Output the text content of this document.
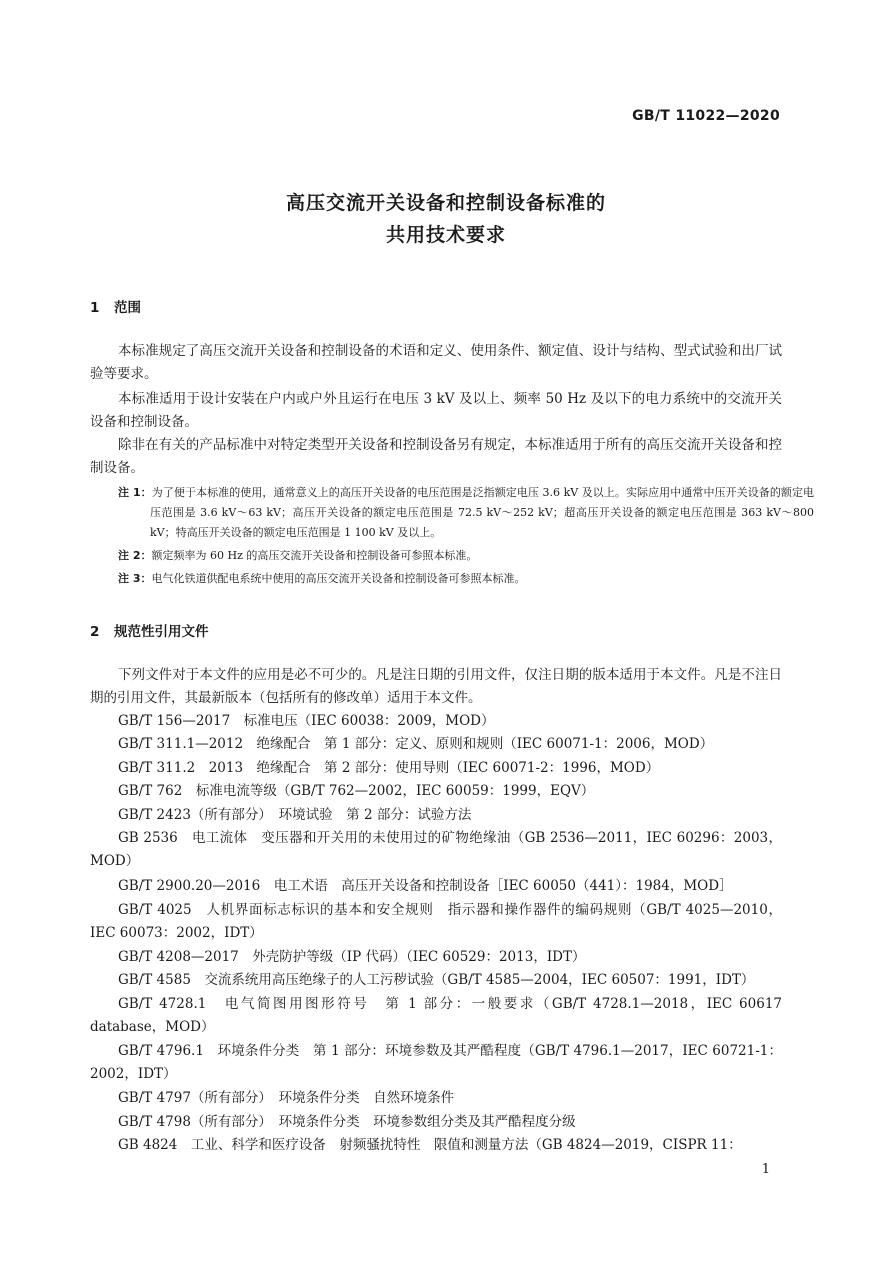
GB/T 11022—2020
高压交流开关设备和控制设备标准的
共用技术要求
1 范围

本标准规定了高压交流开关设备和控制设备的术语和定义、使用条件、额定值、设计与结构、型式试验和出厂试验等要求。

本标准适用于设计安装在户内或户外且运行在电压 3 kV 及以上、频率 50 Hz 及以下的电力系统中的交流开关设备和控制设备。

除非在有关的产品标准中对特定类型开关设备和控制设备另有规定，本标准适用于所有的高压交流开关设备和控制设备。

注 1：为了便于本标准的使用，通常意义上的高压开关设备的电压范围是泛指额定电压 3.6 kV 及以上。实际应用中通常中压开关设备的额定电压范围是 3.6 kV～63 kV；高压开关设备的额定电压范围是 72.5 kV～252 kV；超高压开关设备的额定电压范围是 363 kV～800 kV；特高压开关设备的额定电压范围是 1 100 kV 及以上。

注 2：额定频率为 60 Hz 的高压交流开关设备和控制设备可参照本标准。

注 3：电气化铁道供配电系统中使用的高压交流开关设备和控制设备可参照本标准。

2 规范性引用文件

下列文件对于本文件的应用是必不可少的。凡是注日期的引用文件，仅注日期的版本适用于本文件。凡是不注日期的引用文件，其最新版本（包括所有的修改单）适用于本文件。

GB/T 156—2017　标准电压（IEC 60038：2009，MOD）

GB/T 311.1—2012　绝缘配合　第 1 部分：定义、原则和规则（IEC 60071-1：2006，MOD）

GB/T 311.2　2013　绝缘配合　第 2 部分：使用导则（IEC 60071-2：1996，MOD）

GB/T 762　标准电流等级（GB/T 762—2002，IEC 60059：1999，EQV）

GB/T 2423（所有部分）　环境试验　第 2 部分：试验方法

GB 2536　电工流体　变压器和开关用的未使用过的矿物绝缘油（GB 2536—2011，IEC 60296：2003，MOD）

GB/T 2900.20—2016　电工术语　高压开关设备和控制设备［IEC 60050（441）：1984，MOD］

GB/T 4025　人机界面标志标识的基本和安全规则　指示器和操作器件的编码规则（GB/T 4025—2010，IEC 60073：2002，IDT）

GB/T 4208—2017　外壳防护等级（IP 代码）（IEC 60529：2013，IDT）

GB/T 4585　交流系统用高压绝缘子的人工污秽试验（GB/T 4585—2004，IEC 60507：1991，IDT）

GB/T 4728.1　电气简图用图形符号　第 1 部分：一般要求（GB/T 4728.1—2018，IEC 60617 database，MOD）

GB/T 4796.1　环境条件分类　第 1 部分：环境参数及其严酷程度（GB/T 4796.1—2017，IEC 60721-1：2002，IDT）

GB/T 4797（所有部分）　环境条件分类　自然环境条件

GB/T 4798（所有部分）　环境条件分类　环境参数组分类及其严酷程度分级

GB 4824　工业、科学和医疗设备　射频骚扰特性　限值和测量方法（GB 4824—2019，CISPR 11：

1
